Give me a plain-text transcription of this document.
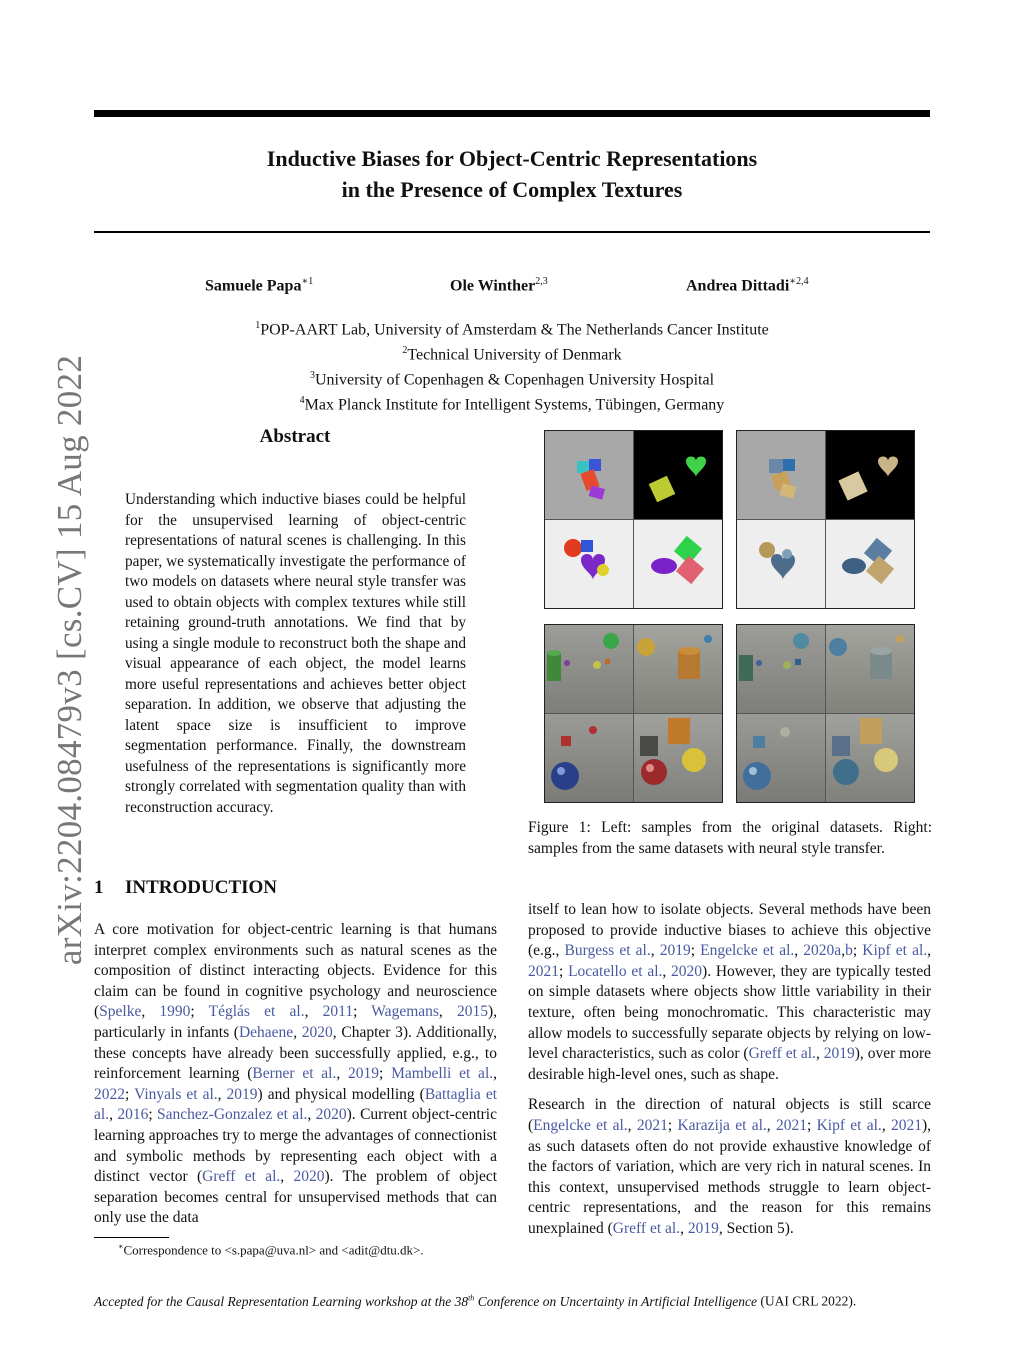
Inductive Biases for Object-Centric Representations
in the Presence of Complex Textures
Samuele Papa$^{∗1}$	Ole Winther$^{2,3}$	Andrea Dittadi$^{∗2,4}$
$^1$POP-AART Lab, University of Amsterdam & The Netherlands Cancer Institute
$^2$Technical University of Denmark
$^3$University of Copenhagen & Copenhagen University Hospital
$^4$Max Planck Institute for Intelligent Systems, Tübingen, Germany
arXiv:2204.08479v3 [cs.CV] 15 Aug 2022	Abstract
Understanding which inductive biases could be helpful for the unsupervised learning of object-centric representations of natural scenes is challenging. In this paper, we systematically investigate the performance of two models on datasets where neural style transfer was used to obtain objects with complex textures while still retaining ground-truth annotations. We find that by using a single module to reconstruct both the shape and visual appearance of each object, the model learns more useful representations and achieves better object separation. In addition, we observe that adjusting the latent space size is insufficient to improve segmentation performance. Finally, the downstream usefulness of the representations is significantly more strongly correlated with segmentation quality than with reconstruction accuracy.
Figure 1: Left: samples from the original datasets. Right: samples from the same datasets with neural style transfer.
1 INTRODUCTION

A core motivation for object-centric learning is that humans interpret complex environments such as natural scenes as the composition of distinct interacting objects. Evidence for this claim can be found in cognitive psychology and neuroscience (Spelke, 1990; Téglás et al., 2011; Wagemans, 2015), particularly in infants (Dehaene, 2020, Chapter 3). Additionally, these concepts have already been successfully applied, e.g., to reinforcement learning (Berner et al., 2019; Mambelli et al., 2022; Vinyals et al., 2019) and physical modelling (Battaglia et al., 2016; Sanchez-Gonzalez et al., 2020). Current object-centric learning approaches try to merge the advantages of connectionist and symbolic methods by representing each object with a distinct vector (Greff et al., 2020). The problem of object separation becomes central for unsupervised methods that can only use the data

itself to lean how to isolate objects. Several methods have been proposed to provide inductive biases to achieve this objective (e.g., Burgess et al., 2019; Engelcke et al., 2020a,b; Kipf et al., 2021; Locatello et al., 2020). However, they are typically tested on simple datasets where objects show little variability in their texture, often being monochromatic. This characteristic may allow models to successfully separate objects by relying on low-level characteristics, such as color (Greff et al., 2019), over more desirable high-level ones, such as shape.

Research in the direction of natural objects is still scarce (Engelcke et al., 2021; Karazija et al., 2021; Kipf et al., 2021), as such datasets often do not provide exhaustive knowledge of the factors of variation, which are very rich in natural scenes. In this context, unsupervised methods struggle to learn object-centric representations, and the reason for this remains unexplained (Greff et al., 2019, Section 5).

∗Correspondence to <s.papa@uva.nl> and <adit@dtu.dk>.
Accepted for the Causal Representation Learning workshop at the 38th Conference on Uncertainty in Artificial Intelligence (UAI CRL 2022).
